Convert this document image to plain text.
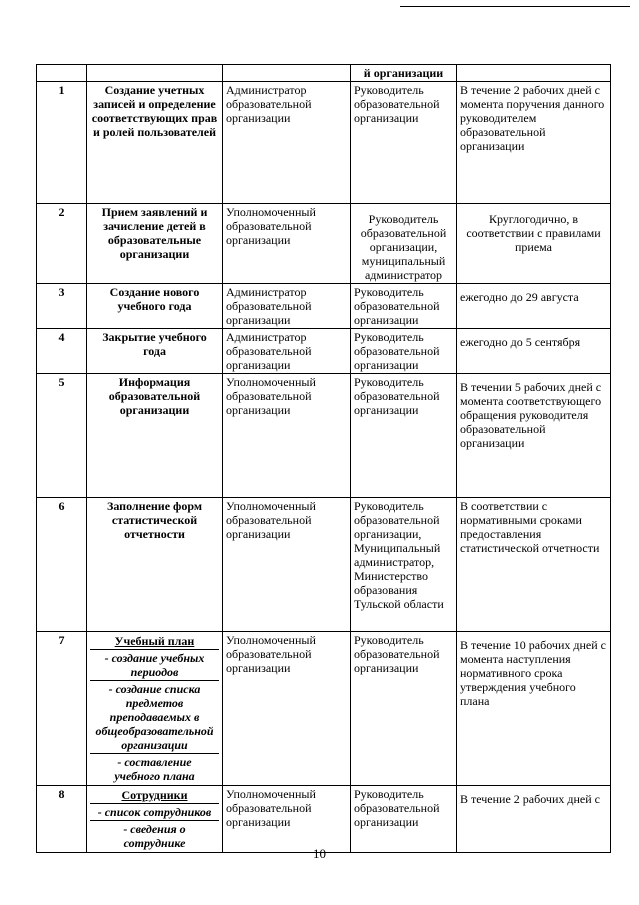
			й организации	
1	Создание учетных записей и определение соответствующих прав и ролей пользователей	Администратор образовательной организации	Руководитель образовательной организации	В течение 2 рабочих дней с момента поручения данного руководителем образовательной организации
2	Прием заявлений и зачисление детей в образовательные организации	Уполномоченный образовательной организации	Руководитель образовательной организации, муниципальный администратор	Круглогодично, в соответствии с правилами приема
3	Создание нового учебного года	Администратор образовательной организации	Руководитель образовательной организации	ежегодно до 29 августа
4	Закрытие учебного года	Администратор образовательной организации	Руководитель образовательной организации	ежегодно до 5 сентября
5	Информация образовательной организации	Уполномоченный образовательной организации	Руководитель образовательной организации	В течении 5 рабочих дней с момента соответствующего обращения руководителя образовательной организации
6	Заполнение форм статистической отчетности	Уполномоченный образовательной организации	Руководитель образовательной организации, Муниципальный администратор, Министерство образования Тульской области	В соответствии с нормативными сроками предоставления статистической отчетности
7	Учебный план
- создание учебных периодов
- создание списка предметов преподаваемых в общеобразовательной организации
- составление учебного плана	Уполномоченный образовательной организации	Руководитель образовательной организации	В течение 10 рабочих дней с момента наступления нормативного срока утверждения учебного плана
8	Сотрудники
- список сотрудников
- сведения о сотруднике	Уполномоченный образовательной организации	Руководитель образовательной организации	В течение 2 рабочих дней с
10
